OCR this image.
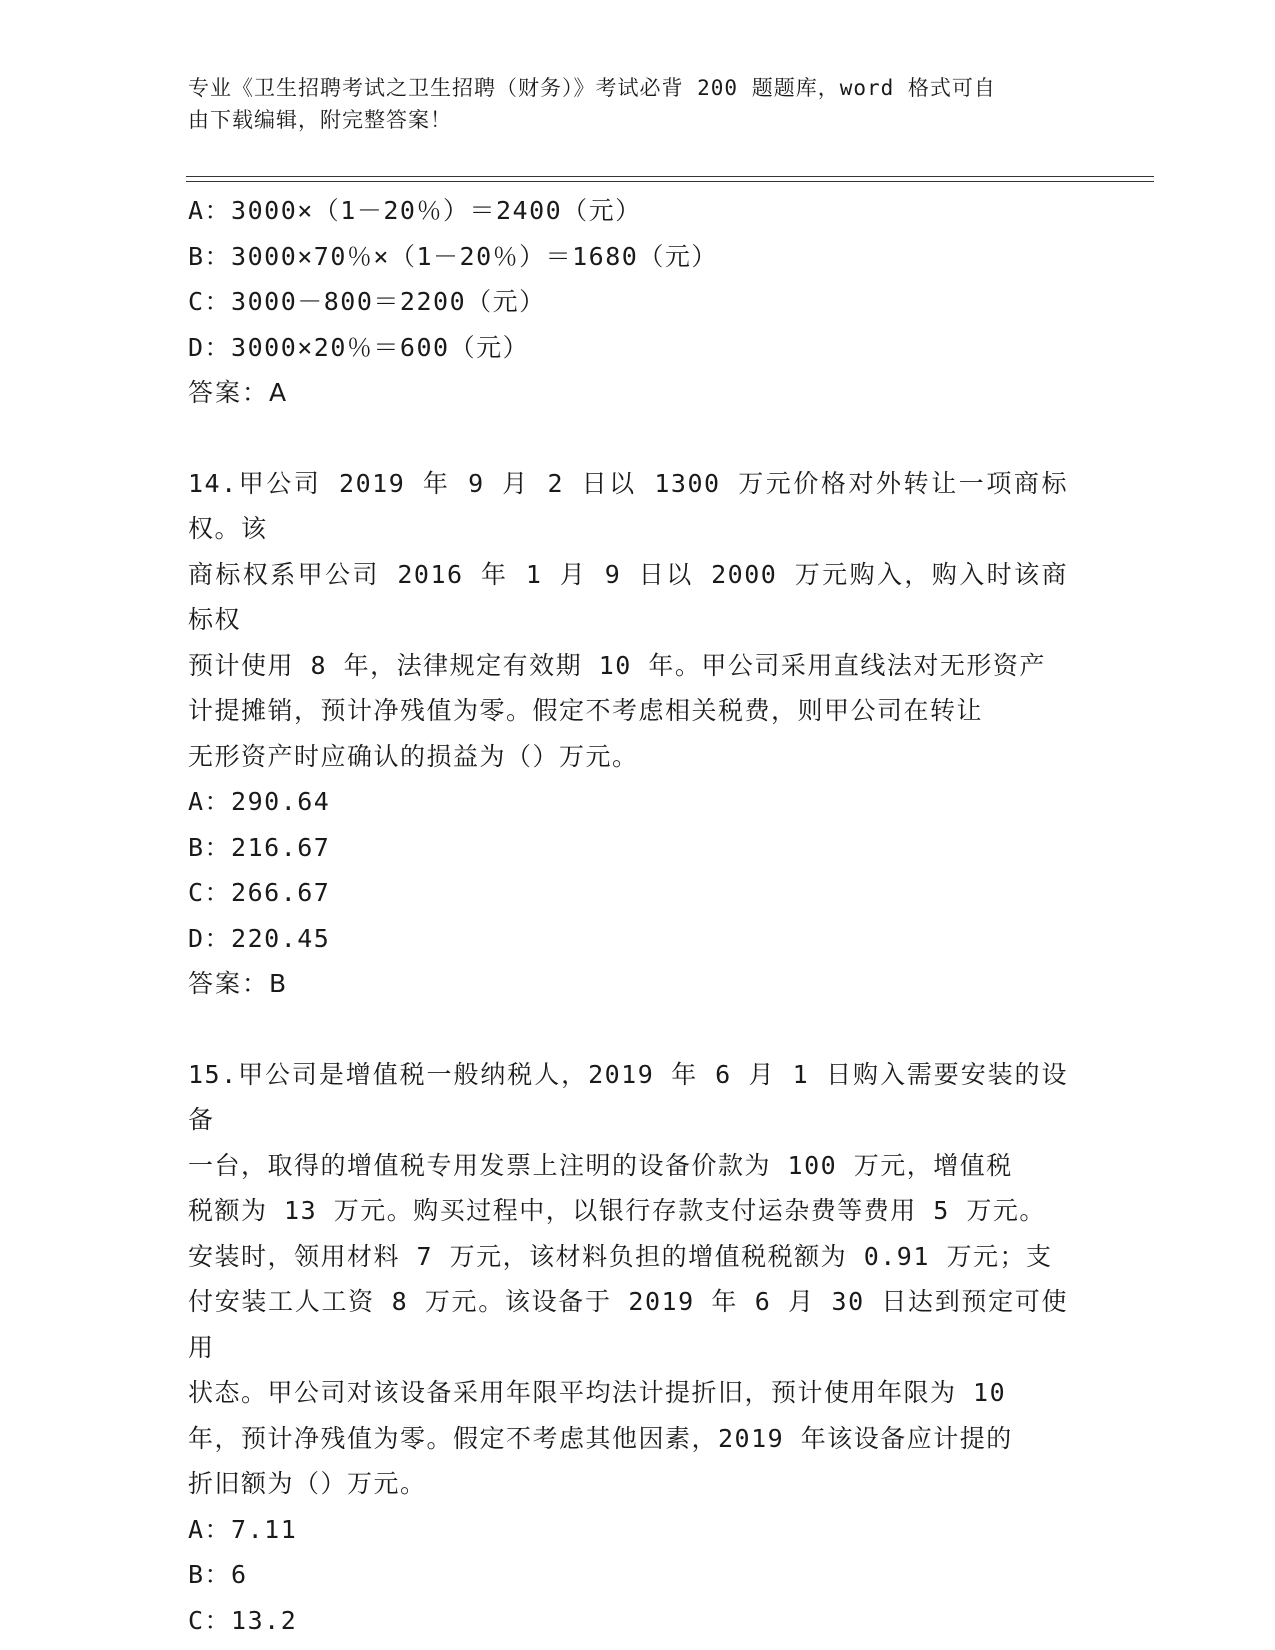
专业《卫生招聘考试之卫生招聘（财务）》考试必背 200 题题库，word 格式可自
由下载编辑，附完整答案！

A：3000×（1－20％）＝2400（元）

B：3000×70％×（1－20％）＝1680（元）

C：3000－800＝2200（元）

D：3000×20％＝600（元）

答案：A

14.甲公司 2019 年 9 月 2 日以 1300 万元价格对外转让一项商标权。该

商标权系甲公司 2016 年 1 月 9 日以 2000 万元购入，购入时该商标权

预计使用 8 年，法律规定有效期 10 年。甲公司采用直线法对无形资产

计提摊销，预计净残值为零。假定不考虑相关税费，则甲公司在转让

无形资产时应确认的损益为（）万元。

A：290.64

B：216.67

C：266.67

D：220.45

答案：B

15.甲公司是增值税一般纳税人，2019 年 6 月 1 日购入需要安装的设备

一台，取得的增值税专用发票上注明的设备价款为 100 万元，增值税

税额为 13 万元。购买过程中，以银行存款支付运杂费等费用 5 万元。

安装时，领用材料 7 万元，该材料负担的增值税税额为 0.91 万元；支

付安装工人工资 8 万元。该设备于 2019 年 6 月 30 日达到预定可使用

状态。甲公司对该设备采用年限平均法计提折旧，预计使用年限为 10

年，预计净残值为零。假定不考虑其他因素，2019 年该设备应计提的

折旧额为（）万元。

A：7.11

B：6

C：13.2
